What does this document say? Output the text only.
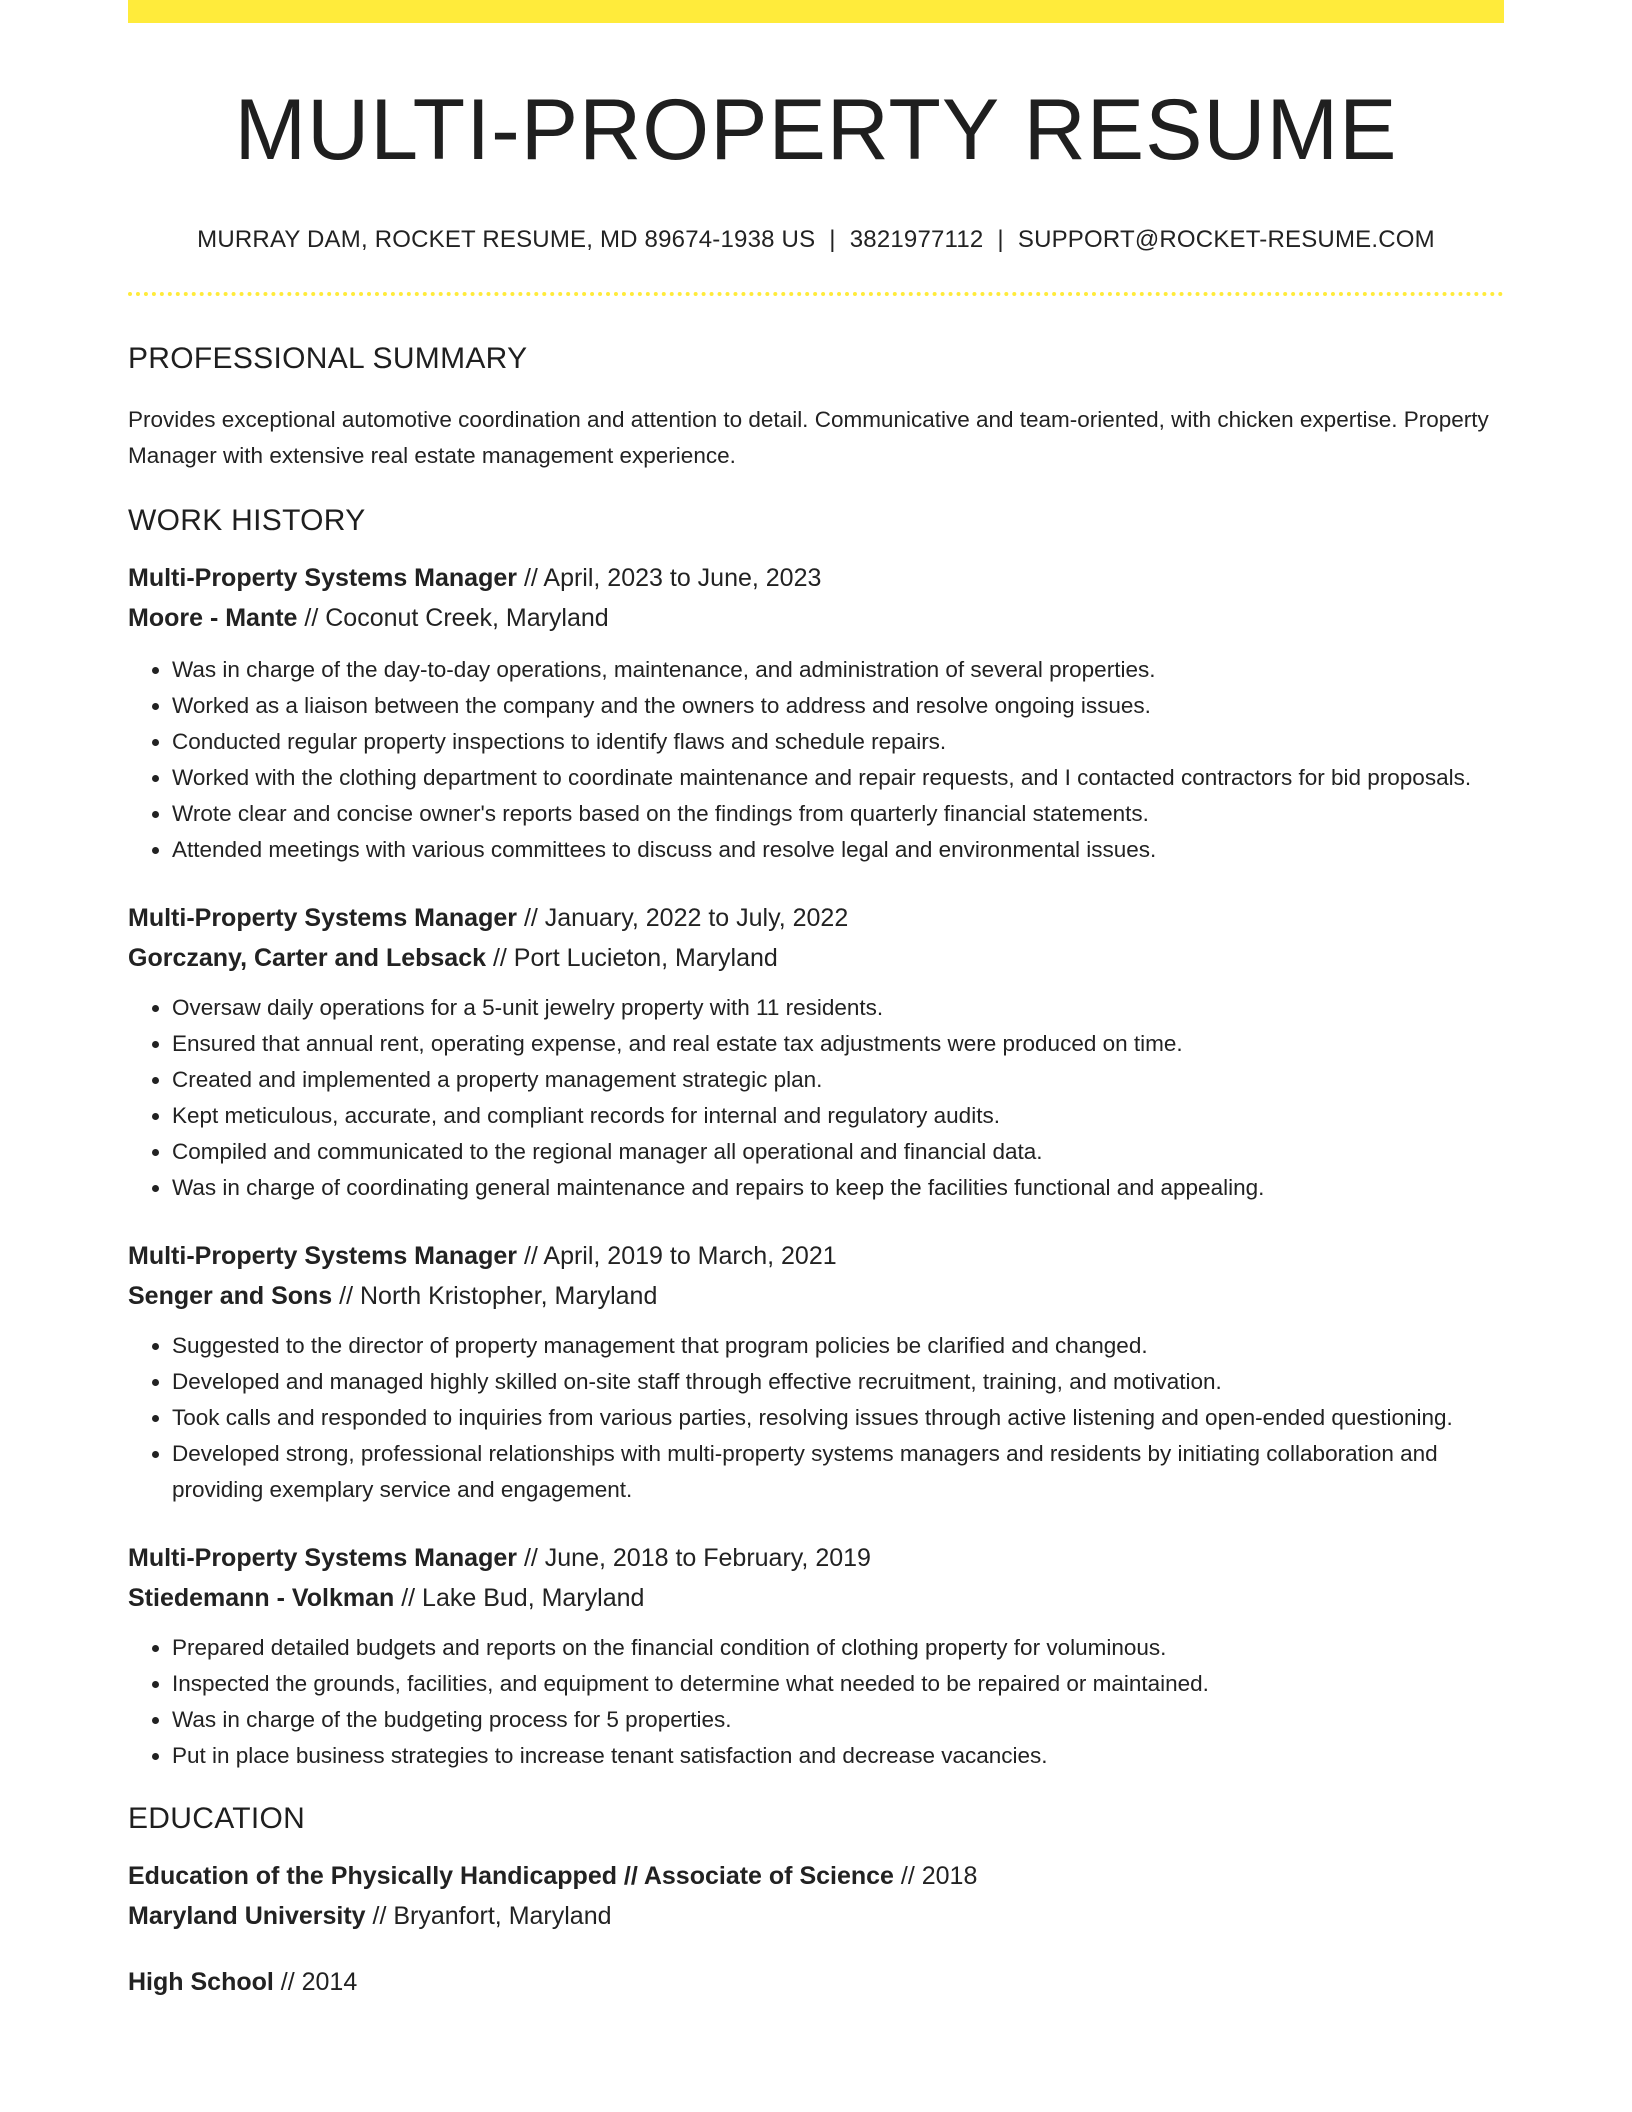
MULTI-PROPERTY RESUME
MURRAY DAM, ROCKET RESUME, MD 89674-1938 US | 3821977112 | SUPPORT@ROCKET-RESUME.COM
PROFESSIONAL SUMMARY
Provides exceptional automotive coordination and attention to detail. Communicative and team-oriented, with chicken expertise. Property Manager with extensive real estate management experience.
WORK HISTORY
Multi-Property Systems Manager // April, 2023 to June, 2023
Moore - Mante // Coconut Creek, Maryland
• Was in charge of the day-to-day operations, maintenance, and administration of several properties.
• Worked as a liaison between the company and the owners to address and resolve ongoing issues.
• Conducted regular property inspections to identify flaws and schedule repairs.
• Worked with the clothing department to coordinate maintenance and repair requests, and I contacted contractors for bid proposals.
• Wrote clear and concise owner's reports based on the findings from quarterly financial statements.
• Attended meetings with various committees to discuss and resolve legal and environmental issues.
Multi-Property Systems Manager // January, 2022 to July, 2022
Gorczany, Carter and Lebsack // Port Lucieton, Maryland
• Oversaw daily operations for a 5-unit jewelry property with 11 residents.
• Ensured that annual rent, operating expense, and real estate tax adjustments were produced on time.
• Created and implemented a property management strategic plan.
• Kept meticulous, accurate, and compliant records for internal and regulatory audits.
• Compiled and communicated to the regional manager all operational and financial data.
• Was in charge of coordinating general maintenance and repairs to keep the facilities functional and appealing.
Multi-Property Systems Manager // April, 2019 to March, 2021
Senger and Sons // North Kristopher, Maryland
• Suggested to the director of property management that program policies be clarified and changed.
• Developed and managed highly skilled on-site staff through effective recruitment, training, and motivation.
• Took calls and responded to inquiries from various parties, resolving issues through active listening and open-ended questioning.
• Developed strong, professional relationships with multi-property systems managers and residents by initiating collaboration and providing exemplary service and engagement.
Multi-Property Systems Manager // June, 2018 to February, 2019
Stiedemann - Volkman // Lake Bud, Maryland
• Prepared detailed budgets and reports on the financial condition of clothing property for voluminous.
• Inspected the grounds, facilities, and equipment to determine what needed to be repaired or maintained.
• Was in charge of the budgeting process for 5 properties.
• Put in place business strategies to increase tenant satisfaction and decrease vacancies.
EDUCATION
Education of the Physically Handicapped // Associate of Science // 2018
Maryland University // Bryanfort, Maryland
High School // 2014
